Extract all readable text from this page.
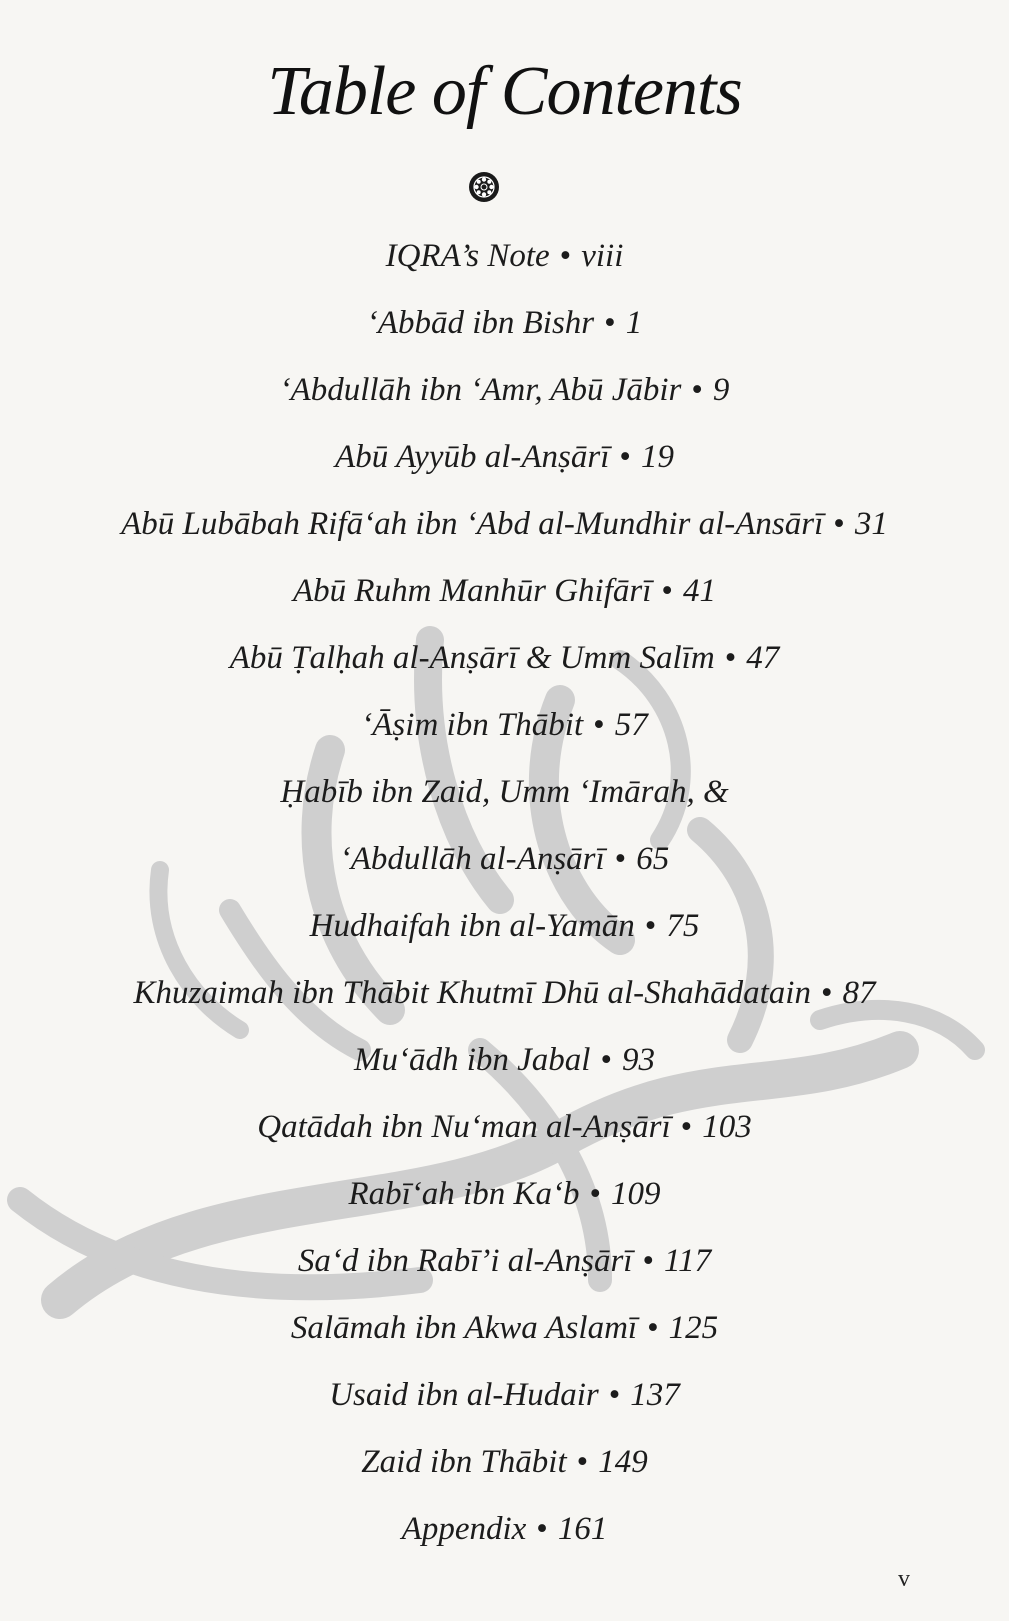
Table of Contents
IQRA’s Note • viii
‘Abbād ibn Bishr • 1
‘Abdullāh ibn ‘Amr, Abū Jābir • 9
Abū Ayyūb al-Anṣārī • 19
Abū Lubābah Rifā‘ah ibn ‘Abd al-Mundhir al-Ansārī • 31
Abū Ruhm Manhūr Ghifārī • 41
Abū Ṭalḥah al-Anṣārī & Umm Salīm • 47
‘Āṣim ibn Thābit • 57
Ḥabīb ibn Zaid, Umm ‘Imārah, &
‘Abdullāh al-Anṣārī • 65
Hudhaifah ibn al-Yamān • 75
Khuzaimah ibn Thābit Khutmī Dhū al-Shahādatain • 87
Mu‘ādh ibn Jabal • 93
Qatādah ibn Nu‘man al-Anṣārī • 103
Rabī‘ah ibn Ka‘b • 109
Sa‘d ibn Rabī’i al-Anṣārī • 117
Salāmah ibn Akwa Aslamī • 125
Usaid ibn al-Hudair • 137
Zaid ibn Thābit • 149
Appendix • 161
v
